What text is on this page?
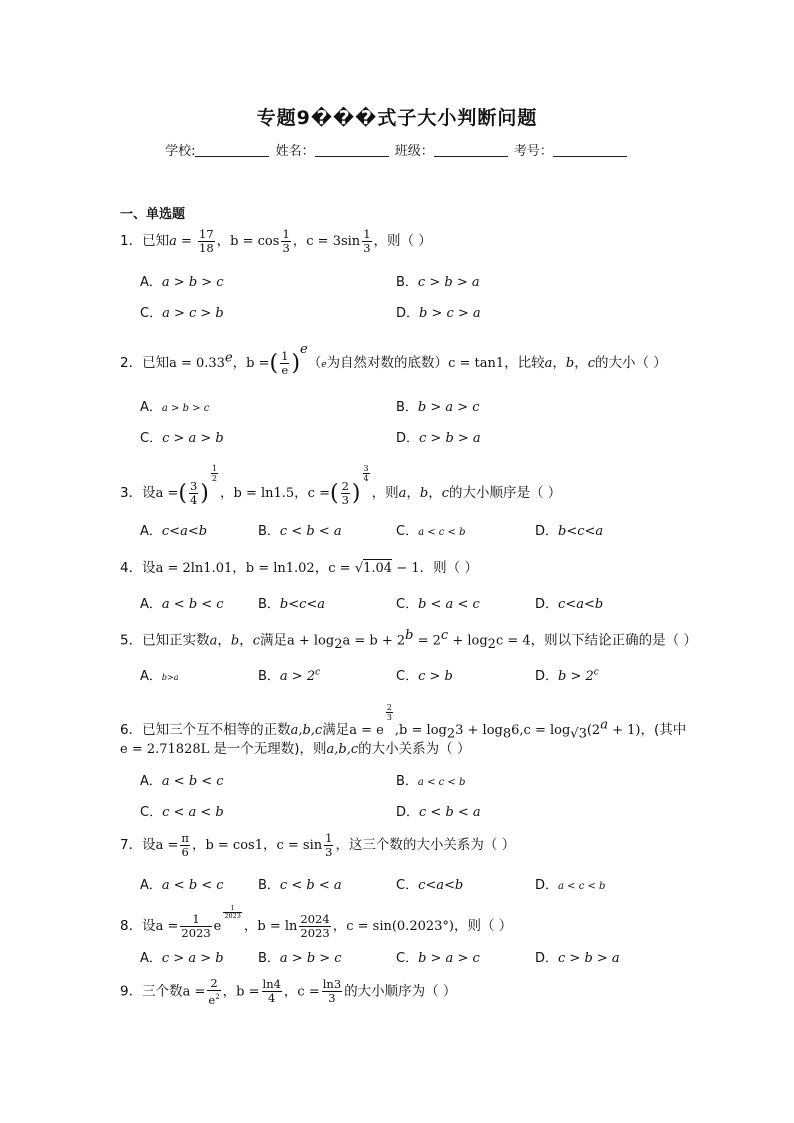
专题9���式子大小判断问题
学校:	姓名：	班级：	考号：
一、单选题
1．已知$a = \frac{17}{18}$ ，$b = \cos \frac{1}{3}$ ，$c = 3\sin \frac{1}{3}$ ，则（ ）
A．a > b > c	B．c > b > a
C．a > c > b	D．b > c > a
2．已知a = 0.33$^e$，b =( $\frac{1}{e} )^e(e$为自然对数的底数）c = tan1，比较a，b，c的大小（ ）
A．a > b > c	B．b > a > c
C．c > a > b	D．c > b > a
3．设a =( $\frac{3}{4}$ )
$\frac{1}{2}$
，b = ln1.5，c =( $\frac{2}{3}$ )
$\frac{3}{4}$
，则a，b，c的大小顺序是（ ）
A．c<a<b	B．c < b < a	C．a < c < b	D．b<c<a
4．设a = 2ln1.01，b = ln1.02，c = √1.04 − 1．则（ ）
A．a < b < c	B．b<c<a	C．b < a < c	D．c<a<b
5．已知正实数a，b，c满足$a + \log_2a = b + 2^b = 2^c + \log_2c = 4$，则以下结论正确的是（ ）
A．b>a	B．$a > 2^c$	C．c > b	D．$b > 2^c$
6．已知三个互不相等的正数a,b,c满足a = e
$\frac{2}{3}$
$,b = \log_23 + \log_86,c = \log_{√3}(2^a + 1)$，(其中
e = 2.71828L 是一个无理数)，则a,b,c的大小关系为（ ）
A．a < b < c	B．a < c < b
C．c < a < b	D．c < b < a
7．设$a = \frac{\pi}{6}$ ，b = cos1，$c = \sin \frac{1}{3}$ ，这三个数的大小关系为（ ）
A．a < b < c	B．c < b < a	C．c<a<b	D．a < c < b
8．设$a = \frac{1}{2023}$ e
$\frac{1}{2023}$
，$b = \ln \frac{2024}{2023}$ ，c = sin(0.2023°)，则（ ）
A．c > a > b	B．a > b > c	C．b > a > c	D．c > b > a
9．三个数$a = \frac{2}{e^2}$ ，$b = \frac{\ln 4}{4}$ ，$c = \frac{\ln 3}{3}$ 的大小顺序为（ ）
